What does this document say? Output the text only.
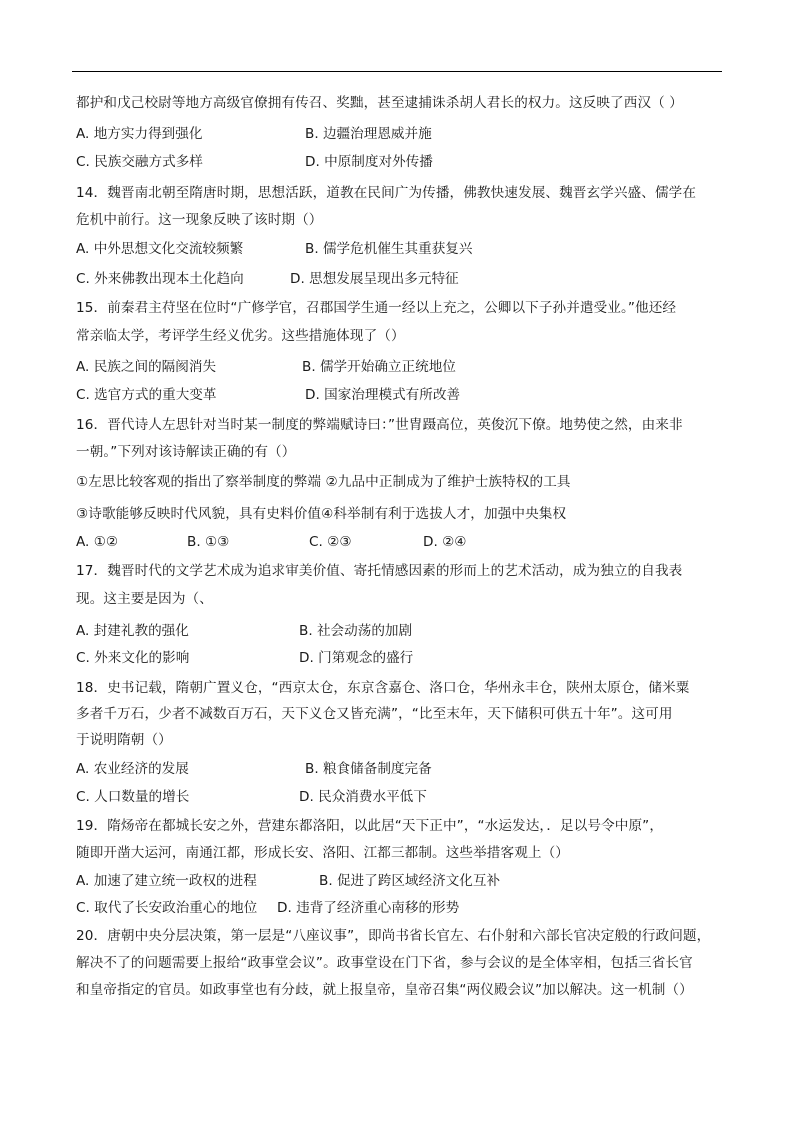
都护和戊己校尉等地方高级官僚拥有传召、奖黜，甚至逮捕诛杀胡人君长的权力。这反映了西汉（ ）
A. 地方实力得到强化	B. 边疆治理恩威并施
C. 民族交融方式多样	D. 中原制度对外传播
14．魏晋南北朝至隋唐时期，思想活跃，道教在民间广为传播，佛教快速发展、魏晋玄学兴盛、儒学在
危机中前行。这一现象反映了该时期（）
A. 中外思想文化交流较频繁	B. 儒学危机催生其重获复兴
C. 外来佛教出现本土化趋向	D. 思想发展呈现出多元特征
15．前秦君主苻坚在位时“广修学官，召郡国学生通一经以上充之，公卿以下子孙并遣受业。”他还经
常亲临太学，考评学生经义优劣。这些措施体现了（）
A. 民族之间的隔阂消失	B. 儒学开始确立正统地位
C. 选官方式的重大变革	D. 国家治理模式有所改善
16．晋代诗人左思针对当时某一制度的弊端赋诗曰：”世胄蹑高位，英俊沉下僚。地势使之然，由来非
一朝。”下列对该诗解读正确的有（）
①左思比较客观的指出了察举制度的弊端 ②九品中正制成为了维护士族特权的工具
③诗歌能够反映时代风貌，具有史料价值④科举制有利于选拔人才，加强中央集权
A. ①②	B. ①③	C. ②③	D. ②④
17．魏晋时代的文学艺术成为追求审美价值、寄托情感因素的形而上的艺术活动，成为独立的自我表
现。这主要是因为（、
A. 封建礼教的强化	B. 社会动荡的加剧
C. 外来文化的影响	D. 门第观念的盛行
18．史书记载，隋朝广置义仓，“西京太仓，东京含嘉仓、洛口仓，华州永丰仓，陕州太原仓，储米粟
多者千万石，少者不减数百万石，天下义仓又皆充满”，“比至末年，天下储积可供五十年”。这可用
于说明隋朝（）
A. 农业经济的发展	B. 粮食储备制度完备
C. 人口数量的增长	D. 民众消费水平低下
19．隋炀帝在都城长安之外，营建东都洛阳，以此居“天下正中”，“水运发达，．足以号令中原”，
随即开凿大运河，南通江都，形成长安、洛阳、江都三都制。这些举措客观上（）
A. 加速了建立统一政权的进程	B. 促进了跨区域经济文化互补
C. 取代了长安政治重心的地位 D. 违背了经济重心南移的形势
20．唐朝中央分层决策，第一层是“八座议事”，即尚书省长官左、右仆射和六部长官决定般的行政问题，
解决不了的问题需要上报给“政事堂会议”。政事堂设在门下省，参与会议的是全体宰相，包括三省长官
和皇帝指定的官员。如政事堂也有分歧，就上报皇帝，皇帝召集“两仪殿会议”加以解决。这一机制（）
